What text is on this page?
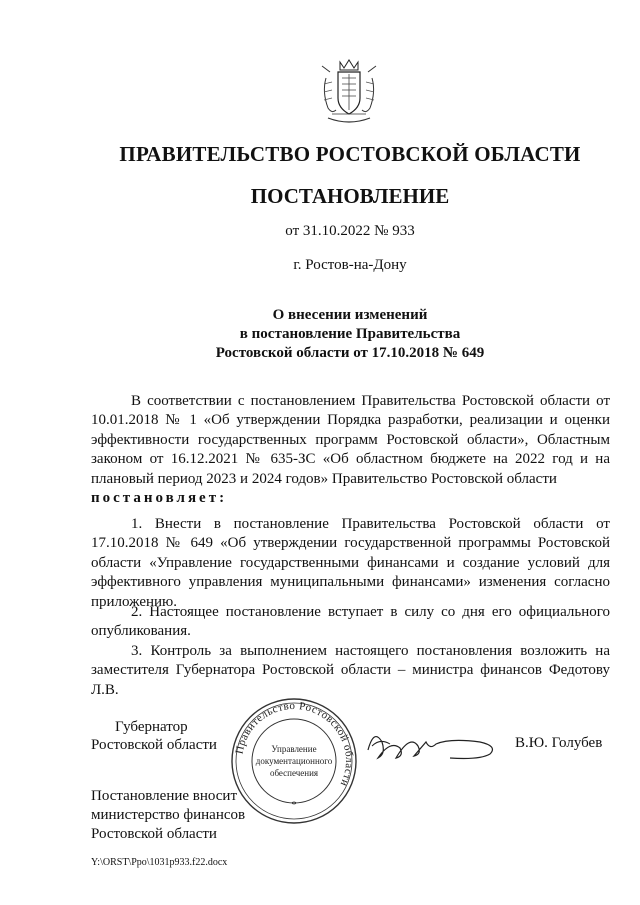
ПРАВИТЕЛЬСТВО РОСТОВСКОЙ ОБЛАСТИ
ПОСТАНОВЛЕНИЕ
от 31.10.2022 № 933
г. Ростов-на-Дону
О внесении изменений
в постановление Правительства
Ростовской области от 17.10.2018 № 649
В соответствии с постановлением Правительства Ростовской области от 10.01.2018 № 1 «Об утверждении Порядка разработки, реализации и оценки эффективности государственных программ Ростовской области», Областным законом от 16.12.2021 № 635-ЗС «Об областном бюджете на 2022 год и на плановый период 2023 и 2024 годов» Правительство Ростовской области
постановляет:
1. Внести в постановление Правительства Ростовской области от 17.10.2018 № 649 «Об утверждении государственной программы Ростовской области «Управление государственными финансами и создание условий для эффективного управления муниципальными финансами» изменения согласно приложению.
2. Настоящее постановление вступает в силу со дня его официального опубликования.
3. Контроль за выполнением настоящего постановления возложить на заместителя Губернатора Ростовской области – министра финансов Федотову Л.В.
Губернатор
Ростовской области Правительство Ростовской области
Управление
документационного
обеспечения
*
В.Ю. Голубев
Постановление вносит
министерство финансов
Ростовской области
Y:\ORST\Ppo\1031p933.f22.docx
